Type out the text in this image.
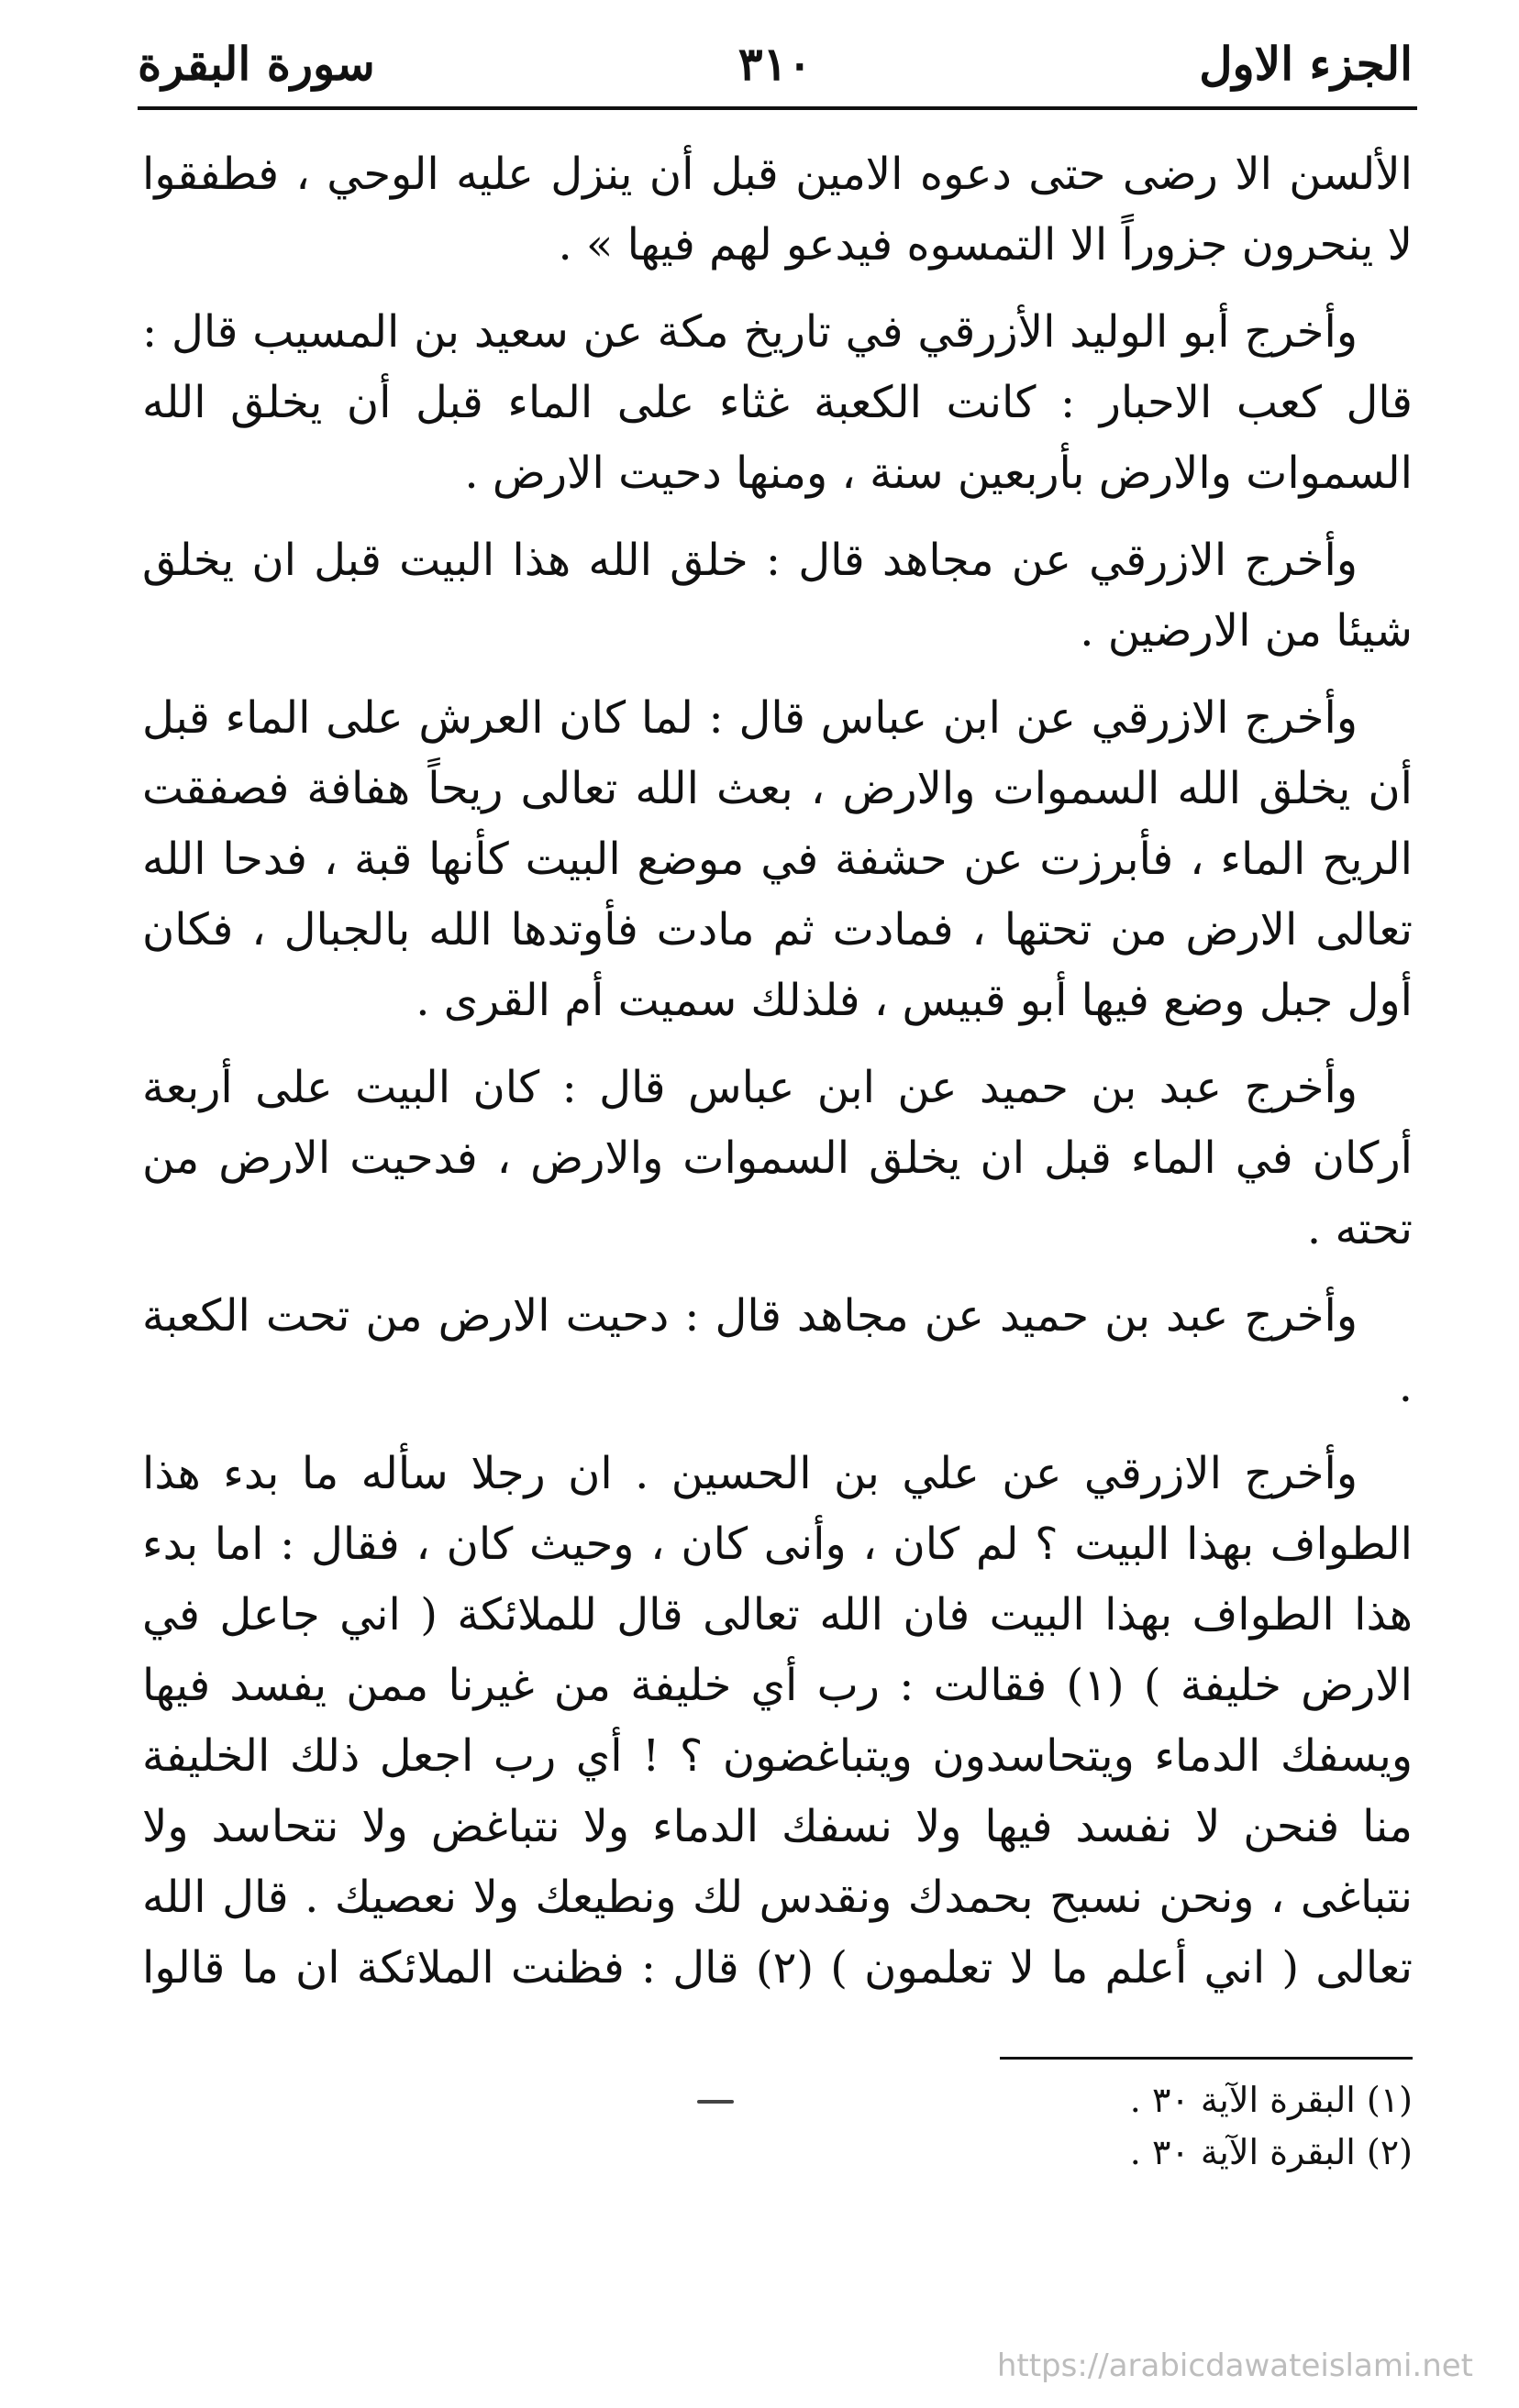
الجزء الاول
٣١٠
سورة البقرة

الألسن الا رضى حتى دعوه الامين قبل أن ينزل عليه الوحي ، فطفقوا لا ينحرون جزوراً الا التمسوه فيدعو لهم فيها » .

وأخرج أبو الوليد الأزرقي في تاريخ مكة عن سعيد بن المسيب قال : قال كعب الاحبار : كانت الكعبة غثاء على الماء قبل أن يخلق الله السموات والارض بأربعين سنة ، ومنها دحيت الارض .

وأخرج الازرقي عن مجاهد قال : خلق الله هذا البيت قبل ان يخلق شيئا من الارضين .

وأخرج الازرقي عن ابن عباس قال : لما كان العرش على الماء قبل أن يخلق الله السموات والارض ، بعث الله تعالى ريحاً هفافة فصفقت الريح الماء ، فأبرزت عن حشفة في موضع البيت كأنها قبة ، فدحا الله تعالى الارض من تحتها ، فمادت ثم مادت فأوتدها الله بالجبال ، فكان أول جبل وضع فيها أبو قبيس ، فلذلك سميت أم القرى .

وأخرج عبد بن حميد عن ابن عباس قال : كان البيت على أربعة أركان في الماء قبل ان يخلق السموات والارض ، فدحيت الارض من تحته .

وأخرج عبد بن حميد عن مجاهد قال : دحيت الارض من تحت الكعبة .

وأخرج الازرقي عن علي بن الحسين . ان رجلا سأله ما بدء هذا الطواف بهذا البيت ؟ لم كان ، وأنى كان ، وحيث كان ، فقال : اما بدء هذا الطواف بهذا البيت فان الله تعالى قال للملائكة ( اني جاعل في الارض خليفة ) (١) فقالت : رب أي خليفة من غيرنا ممن يفسد فيها ويسفك الدماء ويتحاسدون ويتباغضون ؟ ! أي رب اجعل ذلك الخليفة منا فنحن لا نفسد فيها ولا نسفك الدماء ولا نتباغض ولا نتحاسد ولا نتباغى ، ونحن نسبح بحمدك ونقدس لك ونطيعك ولا نعصيك . قال الله تعالى ( اني أعلم ما لا تعلمون ) (٢) قال : فظنت الملائكة ان ما قالوا

(١) البقرة الآية ٣٠ .
(٢) البقرة الآية ٣٠ .
https://arabicdawateislami.net
